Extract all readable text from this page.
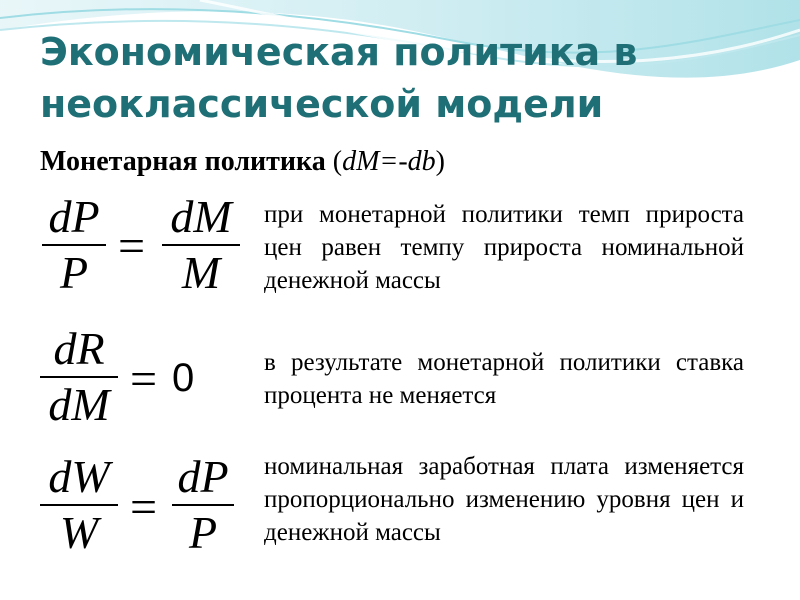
Экономическая политика в неоклассической модели
Монетарная политика (dM=-db)
dP
P =
dM
M
при монетарной политики темп прироста цен равен темпу прироста номинальной денежной массы
dR
dM = 0	в результате монетарной политики ставка процента не меняется
dW
W =
dP
P
номинальная заработная плата изменяется пропорционально изменению уровня цен и денежной массы
